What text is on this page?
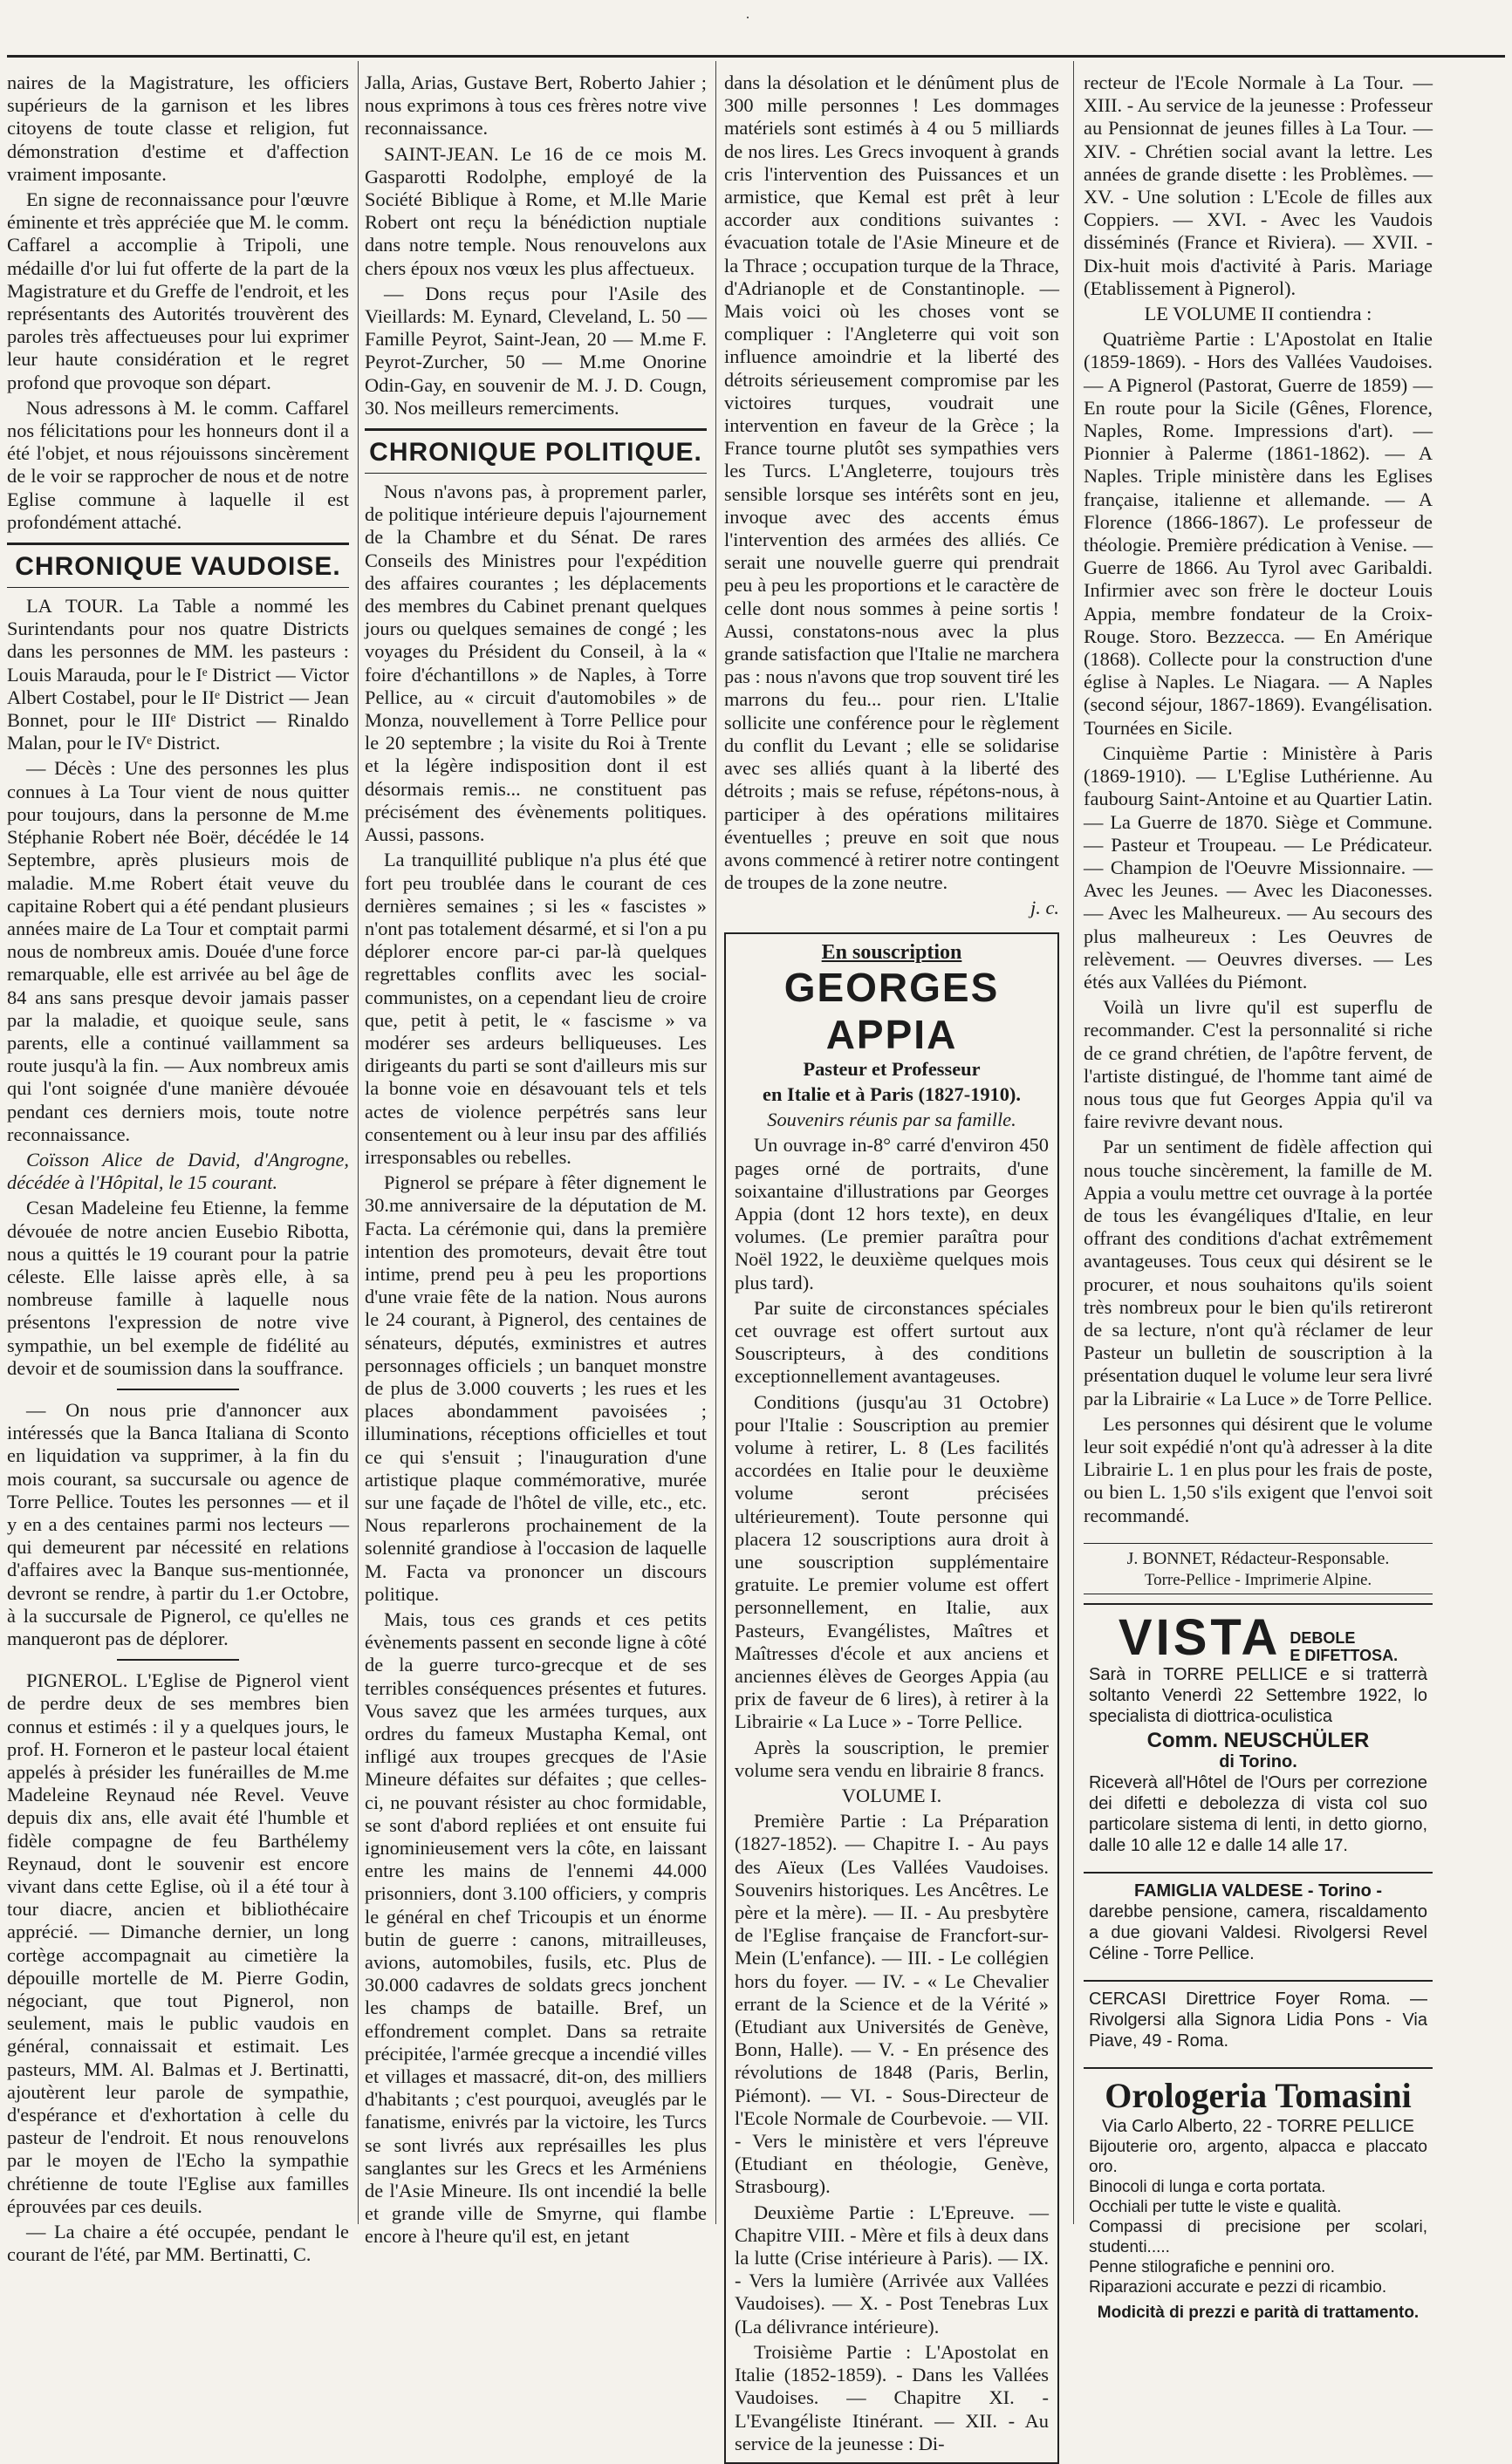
.

naires de la Magistrature, les officiers supérieurs de la garnison et les libres citoyens de toute classe et religion, fut démonstration d'estime et d'affection vraiment imposante.

En signe de reconnaissance pour l'œuvre éminente et très appréciée que M. le comm. Caffarel a accomplie à Tripoli, une médaille d'or lui fut offerte de la part de la Magistrature et du Greffe de l'endroit, et les représentants des Autorités trouvèrent des paroles très affectueuses pour lui exprimer leur haute considération et le regret profond que provoque son départ.

Nous adressons à M. le comm. Caffarel nos félicitations pour les honneurs dont il a été l'objet, et nous réjouissons sincèrement de le voir se rapprocher de nous et de notre Eglise commune à laquelle il est profondément attaché.

CHRONIQUE VAUDOISE.

LA TOUR. La Table a nommé les Surintendants pour nos quatre Districts dans les personnes de MM. les pasteurs : Louis Marauda, pour le Iᵉ District — Victor Albert Costabel, pour le IIᵉ District — Jean Bonnet, pour le IIIᵉ District — Rinaldo Malan, pour le IVᵉ District.

— Décès : Une des personnes les plus connues à La Tour vient de nous quitter pour toujours, dans la personne de M.me Stéphanie Robert née Boër, décédée le 14 Septembre, après plusieurs mois de maladie. M.me Robert était veuve du capitaine Robert qui a été pendant plusieurs années maire de La Tour et comptait parmi nous de nombreux amis. Douée d'une force remarquable, elle est arrivée au bel âge de 84 ans sans presque devoir jamais passer par la maladie, et quoique seule, sans parents, elle a continué vaillamment sa route jusqu'à la fin. — Aux nombreux amis qui l'ont soignée d'une manière dévouée pendant ces derniers mois, toute notre reconnaissance.

Coïsson Alice de David, d'Angrogne, décédée à l'Hôpital, le 15 courant.

Cesan Madeleine feu Etienne, la femme dévouée de notre ancien Eusebio Ribotta, nous a quittés le 19 courant pour la patrie céleste. Elle laisse après elle, à sa nombreuse famille à laquelle nous présentons l'expression de notre vive sympathie, un bel exemple de fidélité au devoir et de soumission dans la souffrance.

— On nous prie d'annoncer aux intéressés que la Banca Italiana di Sconto en liquidation va supprimer, à la fin du mois courant, sa succursale ou agence de Torre Pellice. Toutes les personnes — et il y en a des centaines parmi nos lecteurs — qui demeurent par nécessité en relations d'affaires avec la Banque sus-mentionnée, devront se rendre, à partir du 1.er Octobre, à la succursale de Pignerol, ce qu'elles ne manqueront pas de déplorer.

PIGNEROL. L'Eglise de Pignerol vient de perdre deux de ses membres bien connus et estimés : il y a quelques jours, le prof. H. Forneron et le pasteur local étaient appelés à présider les funérailles de M.me Madeleine Reynaud née Revel. Veuve depuis dix ans, elle avait été l'humble et fidèle compagne de feu Barthélemy Reynaud, dont le souvenir est encore vivant dans cette Eglise, où il a été tour à tour diacre, ancien et bibliothécaire apprécié. — Dimanche dernier, un long cortège accompagnait au cimetière la dépouille mortelle de M. Pierre Godin, négociant, que tout Pignerol, non seulement, mais le public vaudois en général, connaissait et estimait. Les pasteurs, MM. Al. Balmas et J. Bertinatti, ajoutèrent leur parole de sympathie, d'espérance et d'exhortation à celle du pasteur de l'endroit. Et nous renouvelons par le moyen de l'Echo la sympathie chrétienne de toute l'Eglise aux familles éprouvées par ces deuils.

— La chaire a été occupée, pendant le courant de l'été, par MM. Bertinatti, C.

Jalla, Arias, Gustave Bert, Roberto Jahier ; nous exprimons à tous ces frères notre vive reconnaissance.

SAINT-JEAN. Le 16 de ce mois M. Gasparotti Rodolphe, employé de la Société Biblique à Rome, et M.lle Marie Robert ont reçu la bénédiction nuptiale dans notre temple. Nous renouvelons aux chers époux nos vœux les plus affectueux.

— Dons reçus pour l'Asile des Vieillards: M. Eynard, Cleveland, L. 50 — Famille Peyrot, Saint-Jean, 20 — M.me F. Peyrot-Zurcher, 50 — M.me Onorine Odin-Gay, en souvenir de M. J. D. Cougn, 30. Nos meilleurs remerciments.

CHRONIQUE POLITIQUE.

Nous n'avons pas, à proprement parler, de politique intérieure depuis l'ajournement de la Chambre et du Sénat. De rares Conseils des Ministres pour l'expédition des affaires courantes ; les déplacements des membres du Cabinet prenant quelques jours ou quelques semaines de congé ; les voyages du Président du Conseil, à la « foire d'échantillons » de Naples, à Torre Pellice, au « circuit d'automobiles » de Monza, nouvellement à Torre Pellice pour le 20 septembre ; la visite du Roi à Trente et la légère indisposition dont il est désormais remis... ne constituent pas précisément des évènements politiques. Aussi, passons.

La tranquillité publique n'a plus été que fort peu troublée dans le courant de ces dernières semaines ; si les « fascistes » n'ont pas totalement désarmé, et si l'on a pu déplorer encore par-ci par-là quelques regrettables conflits avec les social-communistes, on a cependant lieu de croire que, petit à petit, le « fascisme » va modérer ses ardeurs belliqueuses. Les dirigeants du parti se sont d'ailleurs mis sur la bonne voie en désavouant tels et tels actes de violence perpétrés sans leur consentement ou à leur insu par des affiliés irresponsables ou rebelles.

Pignerol se prépare à fêter dignement le 30.me anniversaire de la députation de M. Facta. La cérémonie qui, dans la première intention des promoteurs, devait être tout intime, prend peu à peu les proportions d'une vraie fête de la nation. Nous aurons le 24 courant, à Pignerol, des centaines de sénateurs, députés, exministres et autres personnages officiels ; un banquet monstre de plus de 3.000 couverts ; les rues et les places abondamment pavoisées ; illuminations, réceptions officielles et tout ce qui s'ensuit ; l'inauguration d'une artistique plaque commémorative, murée sur une façade de l'hôtel de ville, etc., etc. Nous reparlerons prochainement de la solennité grandiose à l'occasion de laquelle M. Facta va prononcer un discours politique.

Mais, tous ces grands et ces petits évènements passent en seconde ligne à côté de la guerre turco-grecque et de ses terribles conséquences présentes et futures. Vous savez que les armées turques, aux ordres du fameux Mustapha Kemal, ont infligé aux troupes grecques de l'Asie Mineure défaites sur défaites ; que celles-ci, ne pouvant résister au choc formidable, se sont d'abord repliées et ont ensuite fui ignominieusement vers la côte, en laissant entre les mains de l'ennemi 44.000 prisonniers, dont 3.100 officiers, y compris le général en chef Tricoupis et un énorme butin de guerre : canons, mitrailleuses, avions, automobiles, fusils, etc. Plus de 30.000 cadavres de soldats grecs jonchent les champs de bataille. Bref, un effondrement complet. Dans sa retraite précipitée, l'armée grecque a incendié villes et villages et massacré, dit-on, des milliers d'habitants ; c'est pourquoi, aveuglés par le fanatisme, enivrés par la victoire, les Turcs se sont livrés aux représailles les plus sanglantes sur les Grecs et les Arméniens de l'Asie Mineure. Ils ont incendié la belle et grande ville de Smyrne, qui flambe encore à l'heure qu'il est, en jetant

dans la désolation et le dénûment plus de 300 mille personnes ! Les dommages matériels sont estimés à 4 ou 5 milliards de nos lires. Les Grecs invoquent à grands cris l'intervention des Puissances et un armistice, que Kemal est prêt à leur accorder aux conditions suivantes : évacuation totale de l'Asie Mineure et de la Thrace ; occupation turque de la Thrace, d'Adrianople et de Constantinople. — Mais voici où les choses vont se compliquer : l'Angleterre qui voit son influence amoindrie et la liberté des détroits sérieusement compromise par les victoires turques, voudrait une intervention en faveur de la Grèce ; la France tourne plutôt ses sympathies vers les Turcs. L'Angleterre, toujours très sensible lorsque ses intérêts sont en jeu, invoque avec des accents émus l'intervention des armées des alliés. Ce serait une nouvelle guerre qui prendrait peu à peu les proportions et le caractère de celle dont nous sommes à peine sortis ! Aussi, constatons-nous avec la plus grande satisfaction que l'Italie ne marchera pas : nous n'avons que trop souvent tiré les marrons du feu... pour rien. L'Italie sollicite une conférence pour le règlement du conflit du Levant ; elle se solidarise avec ses alliés quant à la liberté des détroits ; mais se refuse, répétons-nous, à participer à des opérations militaires éventuelles ; preuve en soit que nous avons commencé à retirer notre contingent de troupes de la zone neutre.

j. c.

En souscription
GEORGES APPIA

Pasteur et Professeur

en Italie et à Paris (1827-1910).

Souvenirs réunis par sa famille.

Un ouvrage in-8° carré d'environ 450 pages orné de portraits, d'une soixantaine d'illustrations par Georges Appia (dont 12 hors texte), en deux volumes. (Le premier paraîtra pour Noël 1922, le deuxième quelques mois plus tard).

Par suite de circonstances spéciales cet ouvrage est offert surtout aux Souscripteurs, à des conditions exceptionnellement avantageuses.

Conditions (jusqu'au 31 Octobre) pour l'Italie : Souscription au premier volume à retirer, L. 8 (Les facilités accordées en Italie pour le deuxième volume seront précisées ultérieurement). Toute personne qui placera 12 souscriptions aura droit à une souscription supplémentaire gratuite. Le premier volume est offert personnellement, en Italie, aux Pasteurs, Evangélistes, Maîtres et Maîtresses d'école et aux anciens et anciennes élèves de Georges Appia (au prix de faveur de 6 lires), à retirer à la Librairie « La Luce » - Torre Pellice.

Après la souscription, le premier volume sera vendu en librairie 8 francs.

VOLUME I.

Première Partie : La Préparation (1827-1852). — Chapitre I. - Au pays des Aïeux (Les Vallées Vaudoises. Souvenirs historiques. Les Ancêtres. Le père et la mère). — II. - Au presbytère de l'Eglise française de Francfort-sur-Mein (L'enfance). — III. - Le collégien hors du foyer. — IV. - « Le Chevalier errant de la Science et de la Vérité » (Etudiant aux Universités de Genève, Bonn, Halle). — V. - En présence des révolutions de 1848 (Paris, Berlin, Piémont). — VI. - Sous-Directeur de l'Ecole Normale de Courbevoie. — VII. - Vers le ministère et vers l'épreuve (Etudiant en théologie, Genève, Strasbourg).

Deuxième Partie : L'Epreuve. — Chapitre VIII. - Mère et fils à deux dans la lutte (Crise intérieure à Paris). — IX. - Vers la lumière (Arrivée aux Vallées Vaudoises). — X. - Post Tenebras Lux (La délivrance intérieure).

Troisième Partie : L'Apostolat en Italie (1852-1859). - Dans les Vallées Vaudoises. — Chapitre XI. - L'Evangéliste Itinérant. — XII. - Au service de la jeunesse : Di-

recteur de l'Ecole Normale à La Tour. — XIII. - Au service de la jeunesse : Professeur au Pensionnat de jeunes filles à La Tour. — XIV. - Chrétien social avant la lettre. Les années de grande disette : les Problèmes. — XV. - Une solution : L'Ecole de filles aux Coppiers. — XVI. - Avec les Vaudois disséminés (France et Riviera). — XVII. - Dix-huit mois d'activité à Paris. Mariage (Etablissement à Pignerol).

LE VOLUME II contiendra :

Quatrième Partie : L'Apostolat en Italie (1859-1869). - Hors des Vallées Vaudoises. — A Pignerol (Pastorat, Guerre de 1859) — En route pour la Sicile (Gênes, Florence, Naples, Rome. Impressions d'art). — Pionnier à Palerme (1861-1862). — A Naples. Triple ministère dans les Eglises française, italienne et allemande. — A Florence (1866-1867). Le professeur de théologie. Première prédication à Venise. — Guerre de 1866. Au Tyrol avec Garibaldi. Infirmier avec son frère le docteur Louis Appia, membre fondateur de la Croix-Rouge. Storo. Bezzecca. — En Amérique (1868). Collecte pour la construction d'une église à Naples. Le Niagara. — A Naples (second séjour, 1867-1869). Evangélisation. Tournées en Sicile.

Cinquième Partie : Ministère à Paris (1869-1910). — L'Eglise Luthérienne. Au faubourg Saint-Antoine et au Quartier Latin. — La Guerre de 1870. Siège et Commune. — Pasteur et Troupeau. — Le Prédicateur. — Champion de l'Oeuvre Missionnaire. — Avec les Jeunes. — Avec les Diaconesses. — Avec les Malheureux. — Au secours des plus malheureux : Les Oeuvres de relèvement. — Oeuvres diverses. — Les étés aux Vallées du Piémont.

Voilà un livre qu'il est superflu de recommander. C'est la personnalité si riche de ce grand chrétien, de l'apôtre fervent, de l'artiste distingué, de l'homme tant aimé de nous tous que fut Georges Appia qu'il va faire revivre devant nous.

Par un sentiment de fidèle affection qui nous touche sincèrement, la famille de M. Appia a voulu mettre cet ouvrage à la portée de tous les évangéliques d'Italie, en leur offrant des conditions d'achat extrêmement avantageuses. Tous ceux qui désirent se le procurer, et nous souhaitons qu'ils soient très nombreux pour le bien qu'ils retireront de sa lecture, n'ont qu'à réclamer de leur Pasteur un bulletin de souscription à la présentation duquel le volume leur sera livré par la Librairie « La Luce » de Torre Pellice.

Les personnes qui désirent que le volume leur soit expédié n'ont qu'à adresser à la dite Librairie L. 1 en plus pour les frais de poste, ou bien L. 1,50 s'ils exigent que l'envoi soit recommandé.

J. BONNET, Rédacteur-Responsable.
Torre-Pellice - Imprimerie Alpine.
VISTA DEBOLE
E DIFETTOSA.
Sarà in TORRE PELLICE e si tratterrà soltanto Venerdì 22 Settembre 1922, lo specialista di diottrica-oculistica
Comm. NEUSCHÜLER
di Torino.
Riceverà all'Hôtel de l'Ours per correzione dei difetti e debolezza di vista col suo particolare sistema di lenti, in detto giorno, dalle 10 alle 12 e dalle 14 alle 17.
FAMIGLIA VALDESE - Torino -
darebbe pensione, camera, riscaldamento a due giovani Valdesi. Rivolgersi Revel Céline - Torre Pellice.
CERCASI Direttrice Foyer Roma. — Rivolgersi alla Signora Lidia Pons - Via Piave, 49 - Roma.
Orologeria Tomasini
Via Carlo Alberto, 22 - TORRE PELLICE
Bijouterie oro, argento, alpacca e placcato oro.
Binocoli di lunga e corta portata.
Occhiali per tutte le viste e qualità.
Compassi di precisione per scolari, studenti.....
Penne stilografiche e pennini oro.
Riparazioni accurate e pezzi di ricambio.
Modicità di prezzi e parità di trattamento.
